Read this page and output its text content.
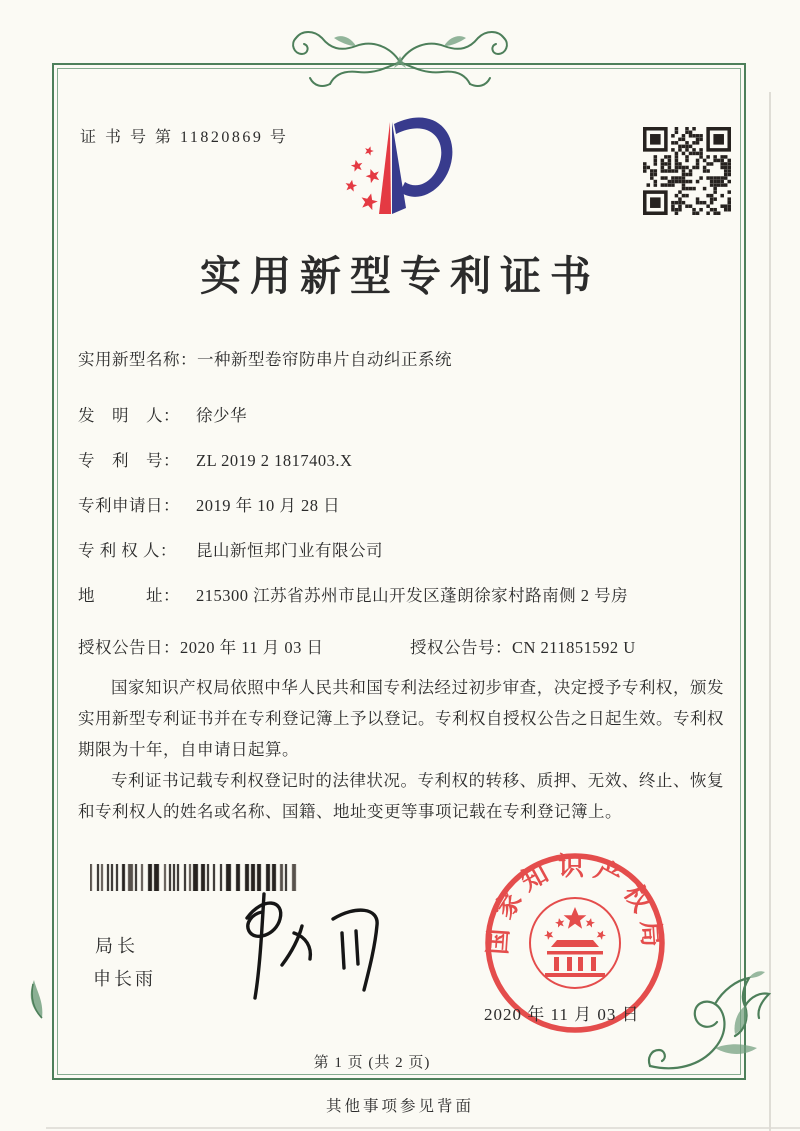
证 书 号 第 11820869 号
实用新型专利证书
实用新型名称：一种新型卷帘防串片自动纠正系统
发　明　人： 徐少华
专　利　号： ZL 2019 2 1817403.X
专利申请日： 2019 年 10 月 28 日
专 利 权 人： 昆山新恒邦门业有限公司
地　　　址： 215300 江苏省苏州市昆山开发区蓬朗徐家村路南侧 2 号房
授权公告日：2020 年 11 月 03 日	授权公告号：CN 211851592 U

国家知识产权局依照中华人民共和国专利法经过初步审查，决定授予专利权，颁发实用新型专利证书并在专利登记簿上予以登记。专利权自授权公告之日起生效。专利权期限为十年，自申请日起算。

专利证书记载专利权登记时的法律状况。专利权的转移、质押、无效、终止、恢复和专利权人的姓名或名称、国籍、地址变更等事项记载在专利登记簿上。

局长
申长雨
国家知识产权局
2020 年 11 月 03 日
第 1 页 (共 2 页)
其他事项参见背面
